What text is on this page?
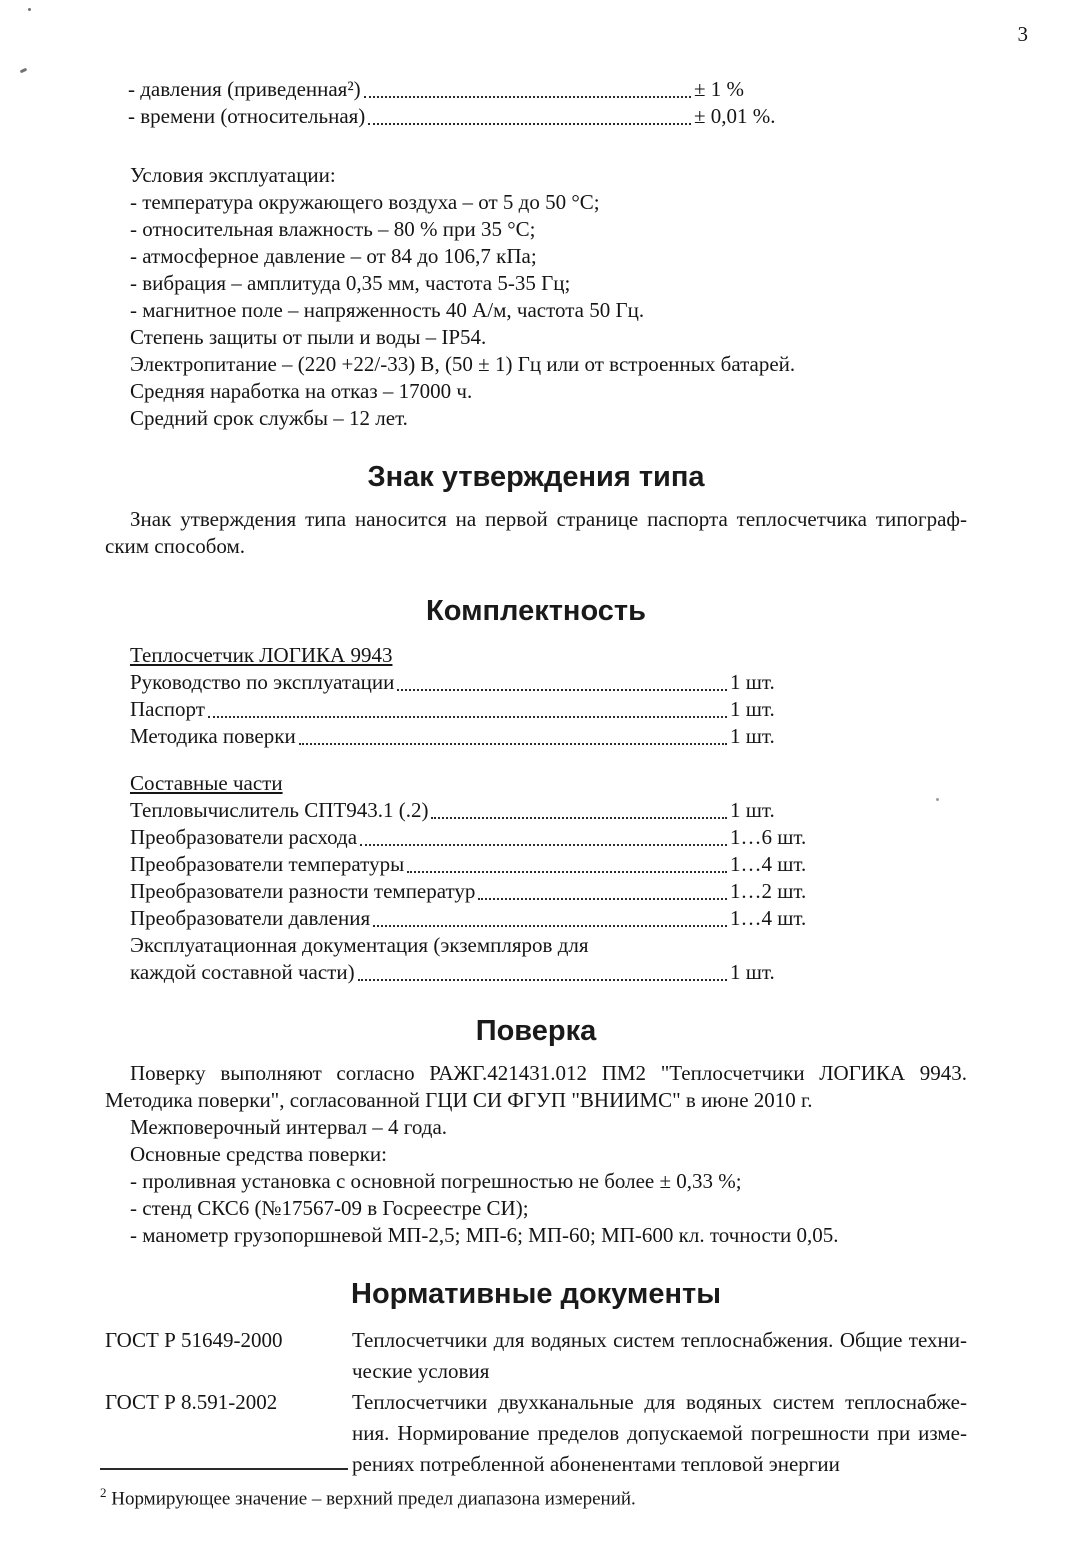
3
- давления (приведенная²)	± 1 %
- времени (относительная)	± 0,01 %.
Условия эксплуатации:
- температура окружающего воздуха – от 5 до 50 °С;
- относительная влажность – 80 % при 35 °С;
- атмосферное давление – от 84 до 106,7 кПа;
- вибрация – амплитуда 0,35 мм, частота 5-35 Гц;
- магнитное поле – напряженность 40 А/м, частота 50 Гц.
Степень защиты от пыли и воды – IP54.
Электропитание – (220 +22/-33) В, (50 ± 1) Гц или от встроенных батарей.
Средняя наработка на отказ – 17000 ч.
Средний срок службы – 12 лет.
Знак утверждения типа
Знак утверждения типа наносится на первой странице паспорта теплосчетчика типограф-
ским способом.
Комплектность
Теплосчетчик ЛОГИКА 9943
Руководство по эксплуатации	1 шт.
Паспорт	1 шт.
Методика поверки	1 шт.
Составные части
Тепловычислитель СПТ943.1 (.2)	1 шт.
Преобразователи расхода	1…6 шт.
Преобразователи температуры	1…4 шт.
Преобразователи разности температур	1…2 шт.
Преобразователи давления	1…4 шт.
Эксплуатационная документация (экземпляров для
каждой составной части)	1 шт.
Поверка
Поверку выполняют согласно РАЖГ.421431.012 ПМ2 "Теплосчетчики ЛОГИКА 9943.
Методика поверки", согласованной ГЦИ СИ ФГУП "ВНИИМС" в июне 2010 г.
Межповерочный интервал – 4 года.
Основные средства поверки:
- проливная установка с основной погрешностью не более ± 0,33 %;
- стенд СКС6 (№17567-09 в Госреестре СИ);
- манометр грузопоршневой МП-2,5; МП-6; МП-60; МП-600 кл. точности 0,05.
Нормативные документы
ГОСТ Р 51649-2000	Теплосчетчики для водяных систем теплоснабжения. Общие техни-
ческие условия
ГОСТ Р 8.591-2002	Теплосчетчики двухканальные для водяных систем теплоснабже-
ния. Нормирование пределов допускаемой погрешности при изме-
рениях потребленной абоненентами тепловой энергии
$^2$ Нормирующее значение – верхний предел диапазона измерений.
